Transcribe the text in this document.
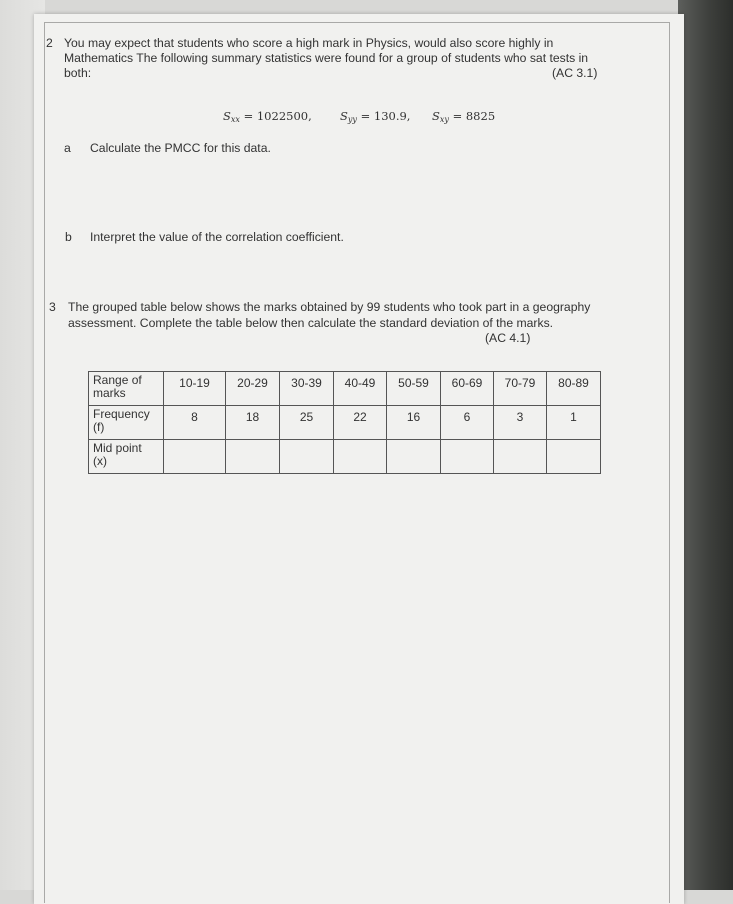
2 You may expect that students who score a high mark in Physics, would also score highly in
Mathematics The following summary statistics were found for a group of students who sat tests in
both:	(AC 3.1)
$S_{xx} = 1022500$, $S_{yy} = 130.9$, $S_{xy} = 8825$
a Calculate the PMCC for this data.
b Interpret the value of the correlation coefficient.
3 The grouped table below shows the marks obtained by 99 students who took part in a geography
assessment. Complete the table below then calculate the standard deviation of the marks.
(AC 4.1)
Range of
marks	10-19	20-29	30-39	40-49	50-59	60-69	70-79	80-89
Frequency
(f)	8	18	25	22	16	6	3	1
Mid point
(x)								
